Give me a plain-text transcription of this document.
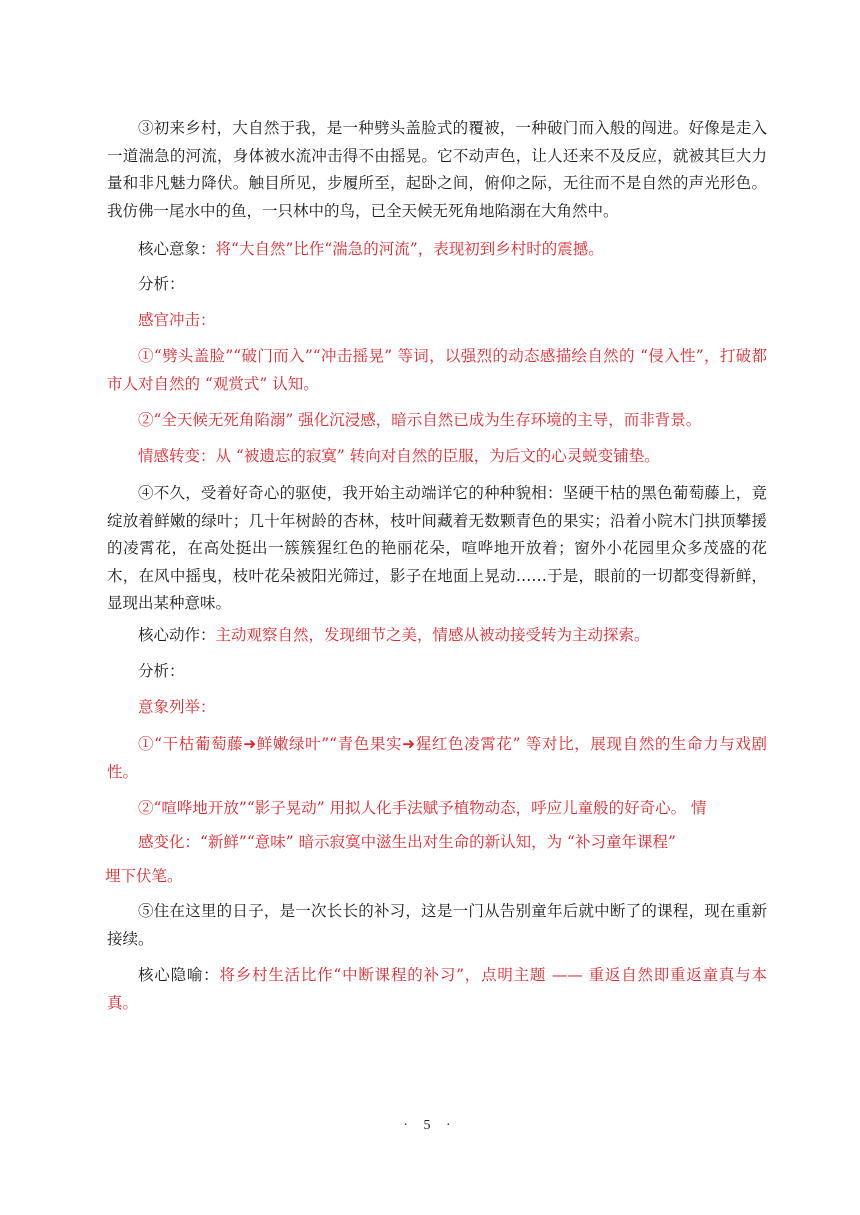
③初来乡村，大自然于我，是一种劈头盖脸式的覆被，一种破门而入般的闯进。好像是走入一道湍急的河流，身体被水流冲击得不由摇晃。它不动声色，让人还来不及反应，就被其巨大力量和非凡魅力降伏。触目所见，步履所至，起卧之间，俯仰之际，无往而不是自然的声光形色。我仿佛一尾水中的鱼，一只林中的鸟，已全天候无死角地陷溺在大角然中。

核心意象：将“大自然”比作“湍急的河流”，表现初到乡村时的震撼。

分析：

感官冲击：

①“劈头盖脸”“破门而入”“冲击摇晃” 等词，以强烈的动态感描绘自然的 “侵入性”，打破都市人对自然的 “观赏式” 认知。

②“全天候无死角陷溺” 强化沉浸感，暗示自然已成为生存环境的主导，而非背景。

情感转变：从 “被遗忘的寂寞” 转向对自然的臣服，为后文的心灵蜕变铺垫。

④不久，受着好奇心的驱使，我开始主动端详它的种种貌相：坚硬干枯的黑色葡萄藤上，竟绽放着鲜嫩的绿叶；几十年树龄的杏林，枝叶间藏着无数颗青色的果实；沿着小院木门拱顶攀援的凌霄花，在高处挺出一簇簇猩红色的艳丽花朵，喧哗地开放着；窗外小花园里众多茂盛的花木，在风中摇曳，枝叶花朵被阳光筛过，影子在地面上晃动……于是，眼前的一切都变得新鲜，显现出某种意味。

核心动作：主动观察自然，发现细节之美，情感从被动接受转为主动探索。

分析：

意象列举：

①“干枯葡萄藤➜鲜嫩绿叶”“青色果实➜猩红色凌霄花” 等对比，展现自然的生命力与戏剧性。

②“喧哗地开放”“影子晃动” 用拟人化手法赋予植物动态，呼应儿童般的好奇心。 情

感变化：“新鲜”“意味” 暗示寂寞中滋生出对生命的新认知，为 “补习童年课程”

埋下伏笔。

⑤住在这里的日子，是一次长长的补习，这是一门从告别童年后就中断了的课程，现在重新接续。

核心隐喻：将乡村生活比作“中断课程的补习”，点明主题 —— 重返自然即重返童真与本真。

· 5 ·
